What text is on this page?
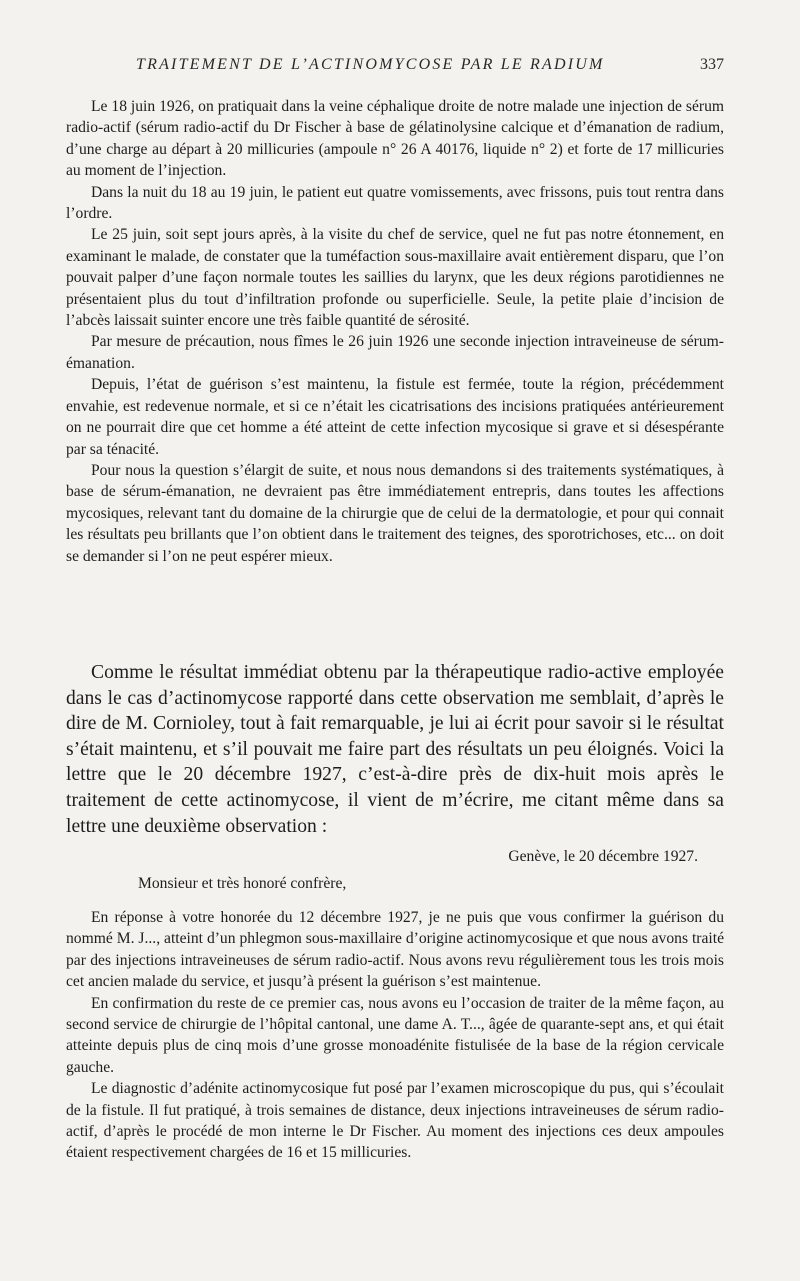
TRAITEMENT DE L’ACTINOMYCOSE PAR LE RADIUM	337

Le 18 juin 1926, on pratiquait dans la veine céphalique droite de notre malade une injection de sérum radio-actif (sérum radio-actif du Dr Fischer à base de gélatinolysine calcique et d’émanation de radium, d’une charge au départ à 20 millicuries (ampoule n° 26 A 40176, liquide n° 2) et forte de 17 millicuries au moment de l’injection.

Dans la nuit du 18 au 19 juin, le patient eut quatre vomissements, avec frissons, puis tout rentra dans l’ordre.

Le 25 juin, soit sept jours après, à la visite du chef de service, quel ne fut pas notre étonnement, en examinant le malade, de constater que la tuméfaction sous-maxillaire avait entièrement disparu, que l’on pouvait palper d’une façon normale toutes les saillies du larynx, que les deux régions parotidiennes ne présentaient plus du tout d’infiltration profonde ou superficielle. Seule, la petite plaie d’incision de l’abcès laissait suinter encore une très faible quantité de sérosité.

Par mesure de précaution, nous fîmes le 26 juin 1926 une seconde injection intraveineuse de sérum-émanation.

Depuis, l’état de guérison s’est maintenu, la fistule est fermée, toute la région, précédemment envahie, est redevenue normale, et si ce n’était les cicatrisations des incisions pratiquées antérieurement on ne pourrait dire que cet homme a été atteint de cette infection mycosique si grave et si désespérante par sa ténacité.

Pour nous la question s’élargit de suite, et nous nous demandons si des traitements systématiques, à base de sérum-émanation, ne devraient pas être immédiatement entrepris, dans toutes les affections mycosiques, relevant tant du domaine de la chirurgie que de celui de la dermatologie, et pour qui connait les résultats peu brillants que l’on obtient dans le traitement des teignes, des sporotrichoses, etc... on doit se demander si l’on ne peut espérer mieux.

Comme le résultat immédiat obtenu par la thérapeutique radio-active employée dans le cas d’actinomycose rapporté dans cette observation me semblait, d’après le dire de M. Cornioley, tout à fait remarquable, je lui ai écrit pour savoir si le résultat s’était maintenu, et s’il pouvait me faire part des résultats un peu éloignés. Voici la lettre que le 20 décembre 1927, c’est-à-dire près de dix-huit mois après le traitement de cette actinomycose, il vient de m’écrire, me citant même dans sa lettre une deuxième observation :

Genève, le 20 décembre 1927.
Monsieur et très honoré confrère,

En réponse à votre honorée du 12 décembre 1927, je ne puis que vous confirmer la guérison du nommé M. J..., atteint d’un phlegmon sous-maxillaire d’origine actinomycosique et que nous avons traité par des injections intraveineuses de sérum radio-actif. Nous avons revu régulièrement tous les trois mois cet ancien malade du service, et jusqu’à présent la guérison s’est maintenue.

En confirmation du reste de ce premier cas, nous avons eu l’occasion de traiter de la même façon, au second service de chirurgie de l’hôpital cantonal, une dame A. T..., âgée de quarante-sept ans, et qui était atteinte depuis plus de cinq mois d’une grosse monoadénite fistulisée de la base de la région cervicale gauche.

Le diagnostic d’adénite actinomycosique fut posé par l’examen microscopique du pus, qui s’écoulait de la fistule. Il fut pratiqué, à trois semaines de distance, deux injections intraveineuses de sérum radio-actif, d’après le procédé de mon interne le Dr Fischer. Au moment des injections ces deux ampoules étaient respectivement chargées de 16 et 15 millicuries.
